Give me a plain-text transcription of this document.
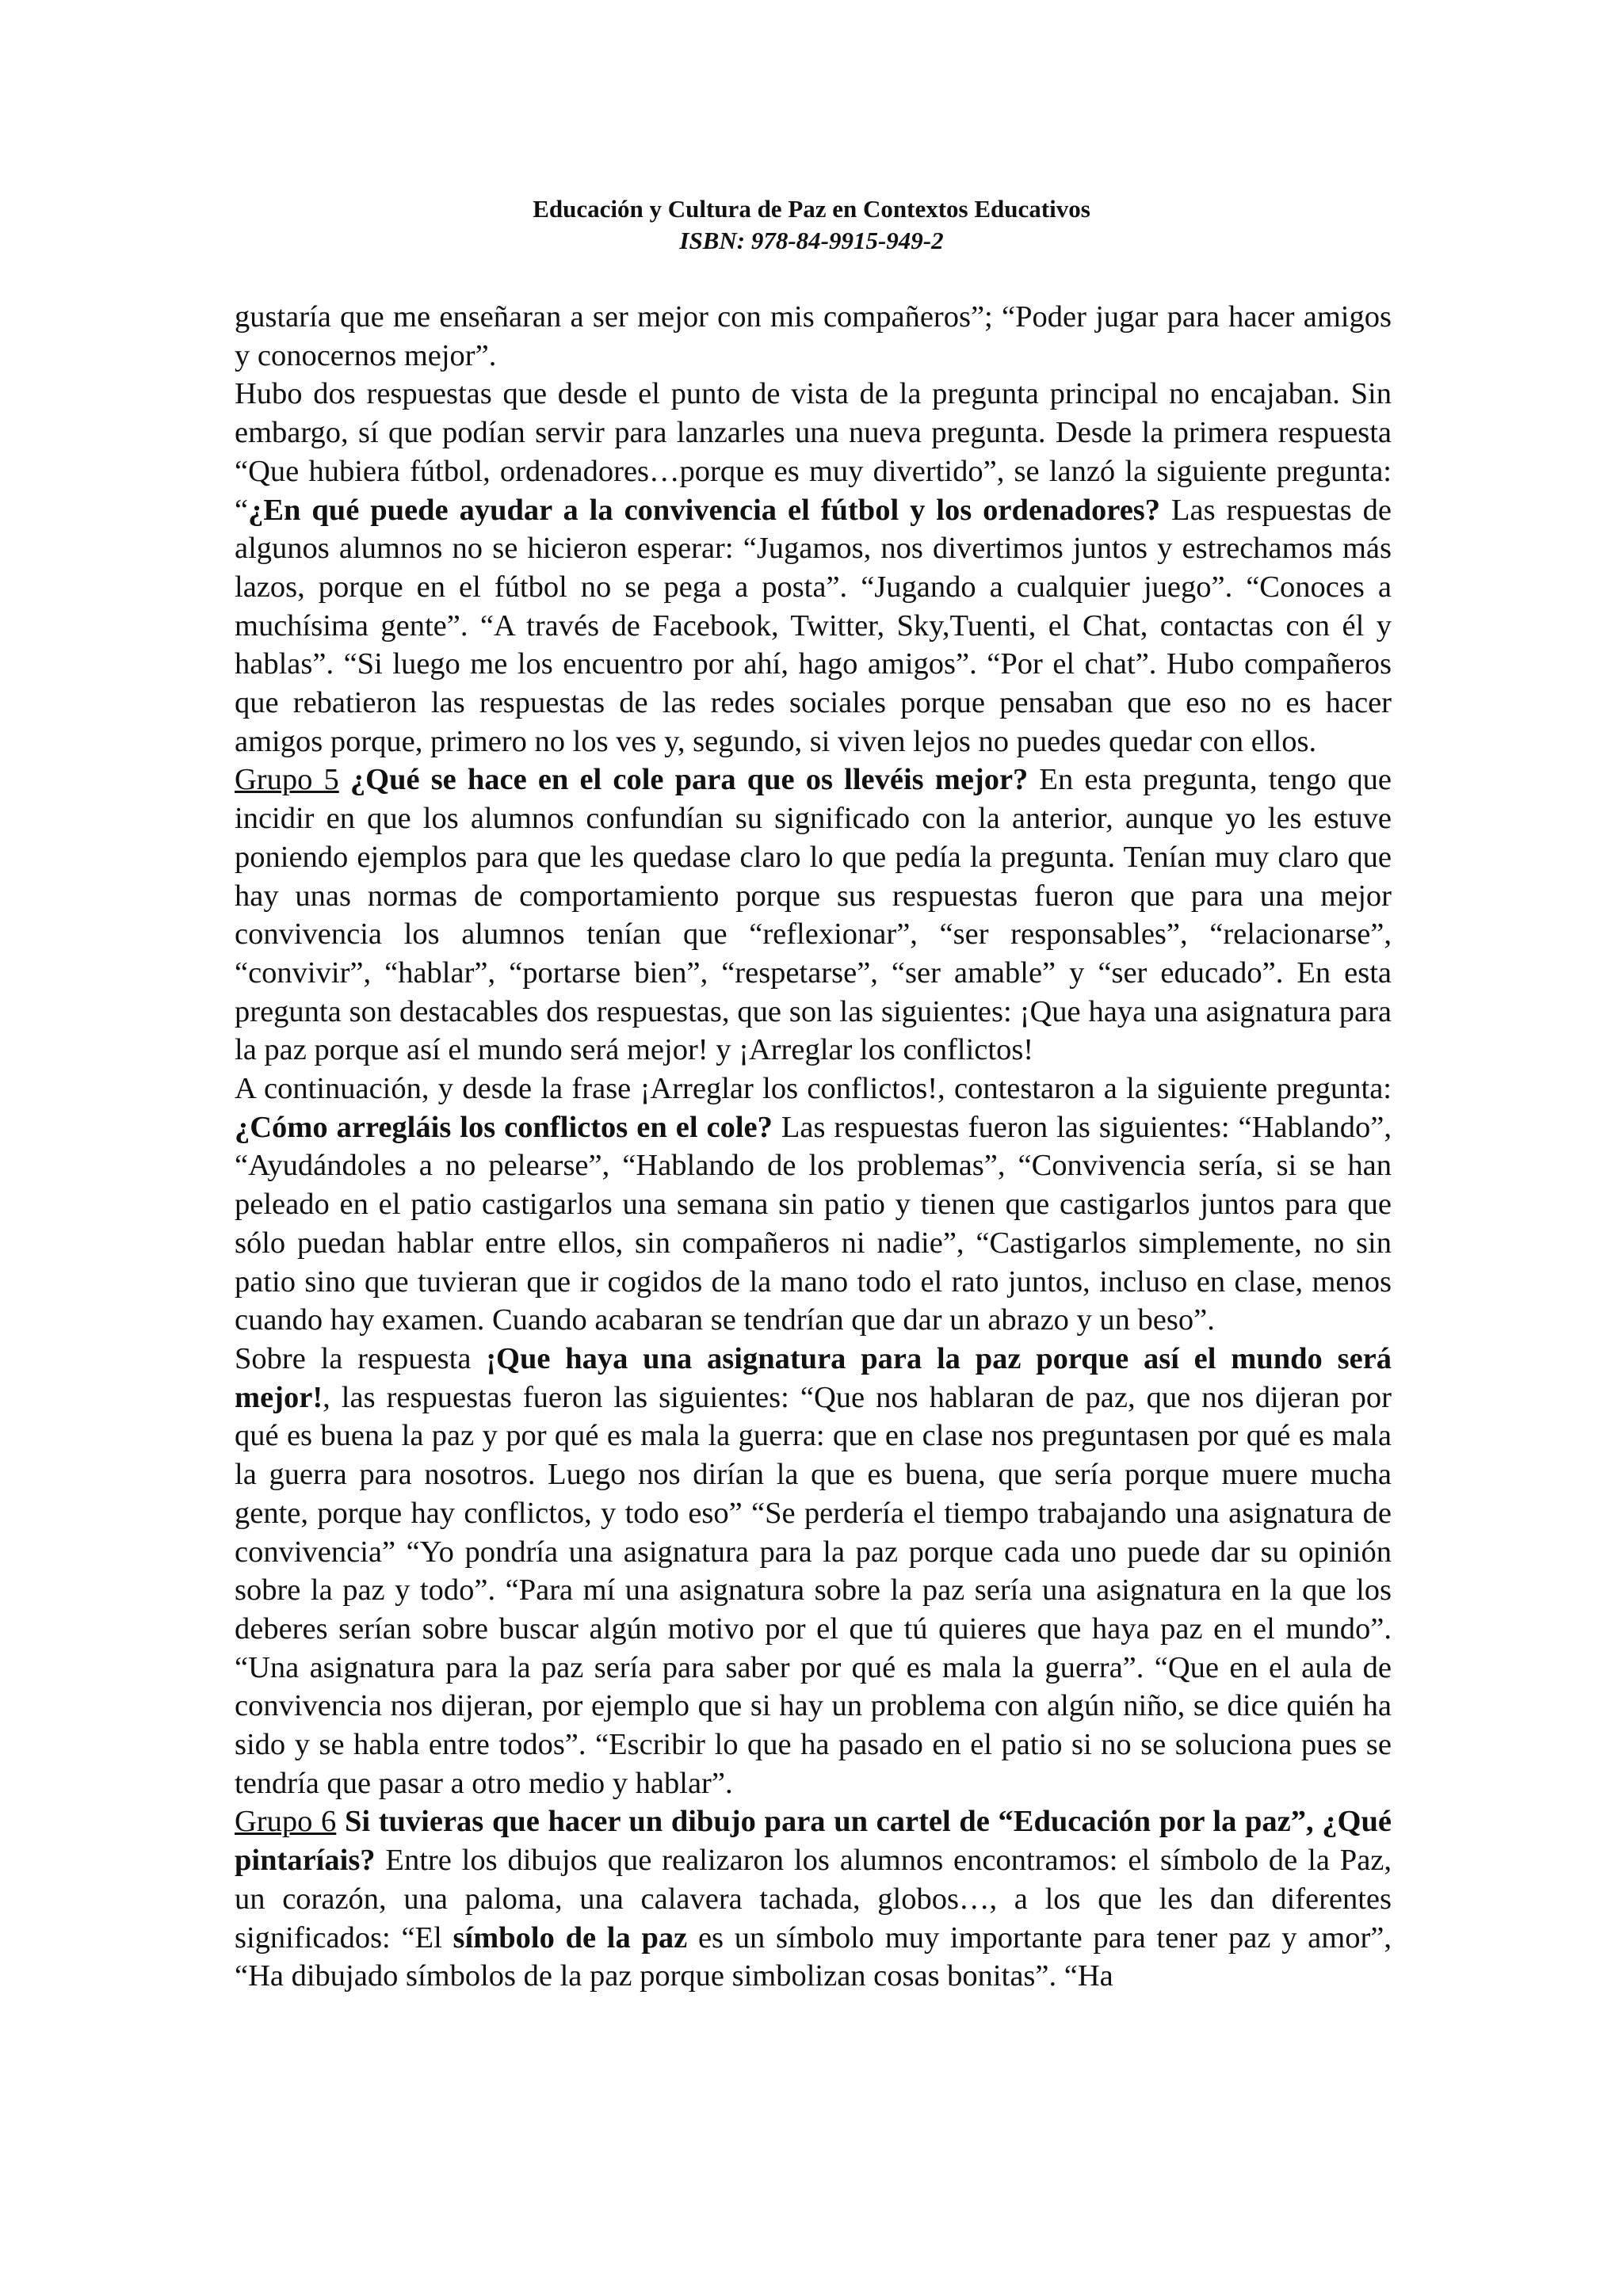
Educación y Cultura de Paz en Contextos Educativos
ISBN: 978-84-9915-949-2

gustaría que me enseñaran a ser mejor con mis compañeros”; “Poder jugar para hacer amigos y conocernos mejor”.

Hubo dos respuestas que desde el punto de vista de la pregunta principal no encajaban. Sin embargo, sí que podían servir para lanzarles una nueva pregunta. Desde la primera respuesta “Que hubiera fútbol, ordenadores…porque es muy divertido”, se lanzó la siguiente pregunta: “¿En qué puede ayudar a la convivencia el fútbol y los ordenadores? Las respuestas de algunos alumnos no se hicieron esperar: “Jugamos, nos divertimos juntos y estrechamos más lazos, porque en el fútbol no se pega a posta”. “Jugando a cualquier juego”. “Conoces a muchísima gente”. “A través de Facebook, Twitter, Sky,Tuenti, el Chat, contactas con él y hablas”. “Si luego me los encuentro por ahí, hago amigos”. “Por el chat”. Hubo compañeros que rebatieron las respuestas de las redes sociales porque pensaban que eso no es hacer amigos porque, primero no los ves y, segundo, si viven lejos no puedes quedar con ellos.

Grupo 5 ¿Qué se hace en el cole para que os llevéis mejor? En esta pregunta, tengo que incidir en que los alumnos confundían su significado con la anterior, aunque yo les estuve poniendo ejemplos para que les quedase claro lo que pedía la pregunta. Tenían muy claro que hay unas normas de comportamiento porque sus respuestas fueron que para una mejor convivencia los alumnos tenían que “reflexionar”, “ser responsables”, “relacionarse”, “convivir”, “hablar”, “portarse bien”, “respetarse”, “ser amable” y “ser educado”. En esta pregunta son destacables dos respuestas, que son las siguientes: ¡Que haya una asignatura para la paz porque así el mundo será mejor! y ¡Arreglar los conflictos!

A continuación, y desde la frase ¡Arreglar los conflictos!, contestaron a la siguiente pregunta: ¿Cómo arregláis los conflictos en el cole? Las respuestas fueron las siguientes: “Hablando”, “Ayudándoles a no pelearse”, “Hablando de los problemas”, “Convivencia sería, si se han peleado en el patio castigarlos una semana sin patio y tienen que castigarlos juntos para que sólo puedan hablar entre ellos, sin compañeros ni nadie”, “Castigarlos simplemente, no sin patio sino que tuvieran que ir cogidos de la mano todo el rato juntos, incluso en clase, menos cuando hay examen. Cuando acabaran se tendrían que dar un abrazo y un beso”.

Sobre la respuesta ¡Que haya una asignatura para la paz porque así el mundo será mejor!, las respuestas fueron las siguientes: “Que nos hablaran de paz, que nos dijeran por qué es buena la paz y por qué es mala la guerra: que en clase nos preguntasen por qué es mala la guerra para nosotros. Luego nos dirían la que es buena, que sería porque muere mucha gente, porque hay conflictos, y todo eso” “Se perdería el tiempo trabajando una asignatura de convivencia” “Yo pondría una asignatura para la paz porque cada uno puede dar su opinión sobre la paz y todo”. “Para mí una asignatura sobre la paz sería una asignatura en la que los deberes serían sobre buscar algún motivo por el que tú quieres que haya paz en el mundo”. “Una asignatura para la paz sería para saber por qué es mala la guerra”. “Que en el aula de convivencia nos dijeran, por ejemplo que si hay un problema con algún niño, se dice quién ha sido y se habla entre todos”. “Escribir lo que ha pasado en el patio si no se soluciona pues se tendría que pasar a otro medio y hablar”.

Grupo 6 Si tuvieras que hacer un dibujo para un cartel de “Educación por la paz”, ¿Qué pintaríais? Entre los dibujos que realizaron los alumnos encontramos: el símbolo de la Paz, un corazón, una paloma, una calavera tachada, globos…, a los que les dan diferentes significados: “El símbolo de la paz es un símbolo muy importante para tener paz y amor”, “Ha dibujado símbolos de la paz porque simbolizan cosas bonitas”. “Ha
